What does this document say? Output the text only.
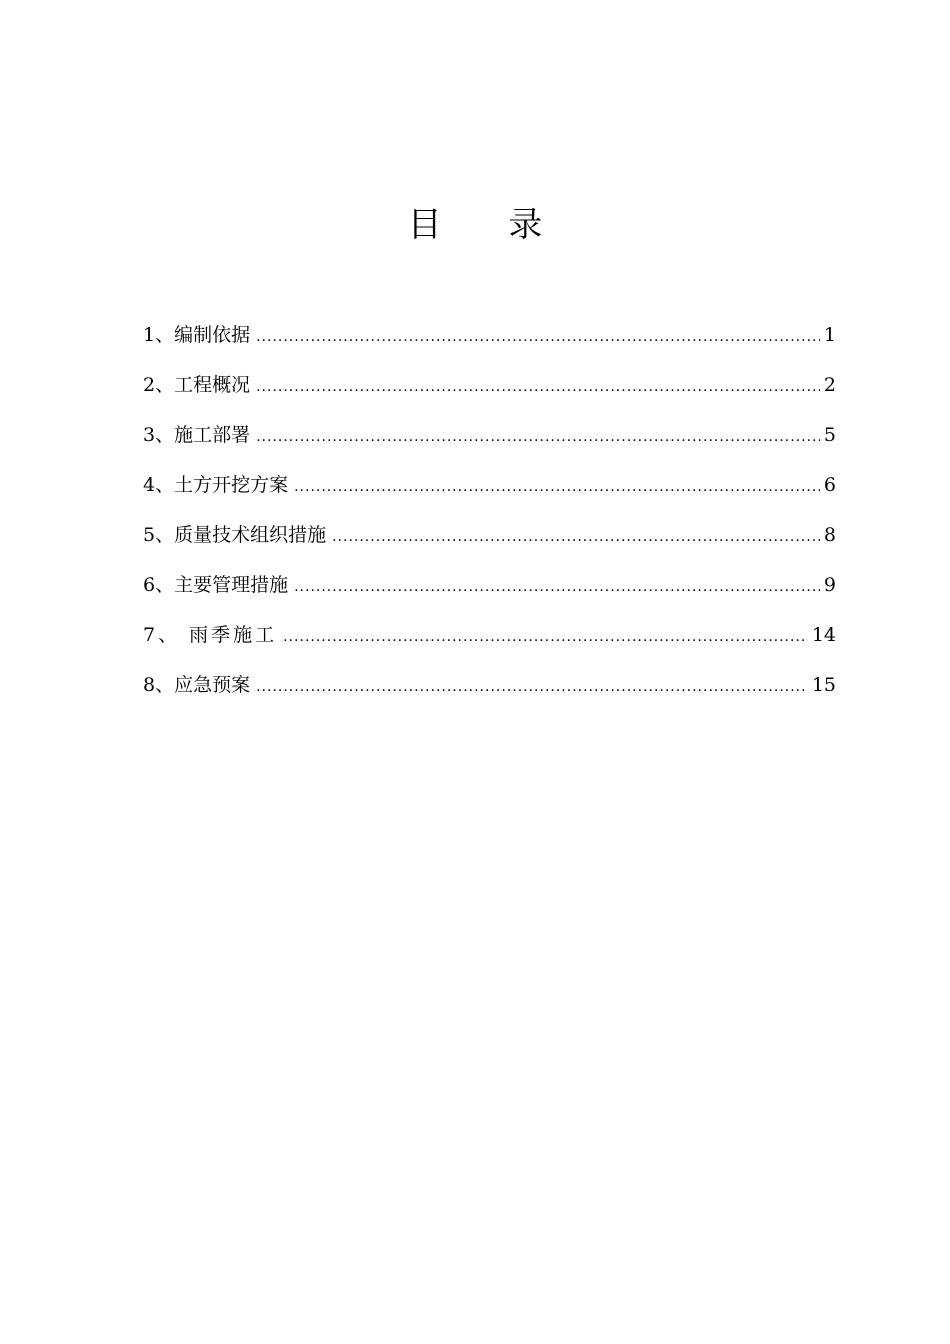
目 录
1、编制依据 .....	1
2、工程概况 .....	2
3、施工部署 .....	5
4、土方开挖方案 .....	6
5、质量技术组织措施 .....	8
6、主要管理措施 .....	9
7、 雨季施工 .....	14
8、应急预案 .....	15
